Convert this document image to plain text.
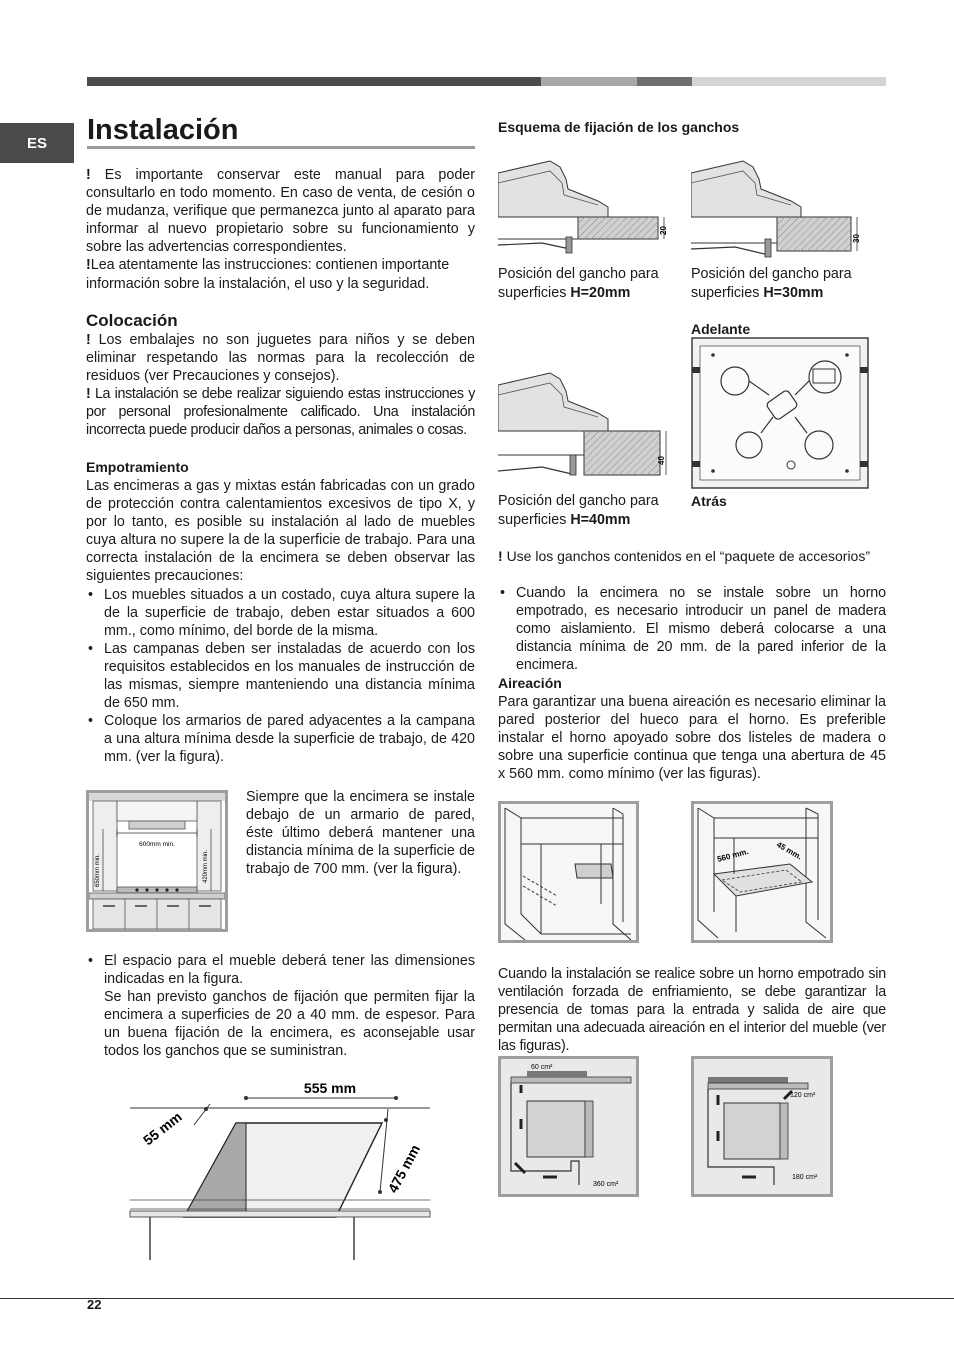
ES	Instalación
! Es importante conservar este manual para poder consultarlo en todo momento. En caso de venta, de cesión o de mudanza, verifique que permanezca junto al aparato para informar al nuevo propietario sobre su funcionamiento y sobre las advertencias correspondientes.
!Lea atentamente las instrucciones: contienen importante información sobre la instalación, el uso y la seguridad.
Colocación
! Los embalajes no son juguetes para niños y se deben eliminar respetando las normas para la recolección de residuos (ver Precauciones y consejos).
! La instalación se debe realizar siguiendo estas instrucciones y por personal profesionalmente calificado. Una instalación incorrecta puede producir daños a personas, animales o cosas.
Empotramiento
Las encimeras a gas y mixtas están fabricadas con un grado de protección contra calentamientos excesivos de tipo X, y por lo tanto, es posible su instalación al lado de muebles cuya altura no supere la de la superficie de trabajo. Para una correcta instalación de la encimera se deben observar las siguientes precauciones:
• Los muebles situados a un costado, cuya altura supere la de la superficie de trabajo, deben estar situados a 600 mm., como mínimo, del borde de la misma.
• Las campanas deben ser instaladas de acuerdo con los requisitos establecidos en los manuales de instrucción de las mismas, siempre manteniendo una distancia mínima de 650 mm.
• Coloque los armarios de pared adyacentes a la campana a una altura mínima desde la superficie de trabajo, de 420 mm. (ver la figura).
600mm min.
650mm min.	420mm min.
Siempre que la encimera se instale debajo de un armario de pared, éste último deberá mantener una distancia mínima de la superficie de trabajo de 700 mm. (ver la figura).
• El espacio para el mueble deberá tener las dimensiones indicadas en la figura.
Se han previsto ganchos de fijación que permiten fijar la encimera a superficies de 20 a 40 mm. de espesor. Para un buena fijación de la encimera, es aconsejable usar todos los ganchos que se suministran.
555 mm
55 mm
475 mm
Esquema de fijación de los ganchos
20
Posición del gancho para superficies H=20mm
30
Posición del gancho para superficies H=30mm
Adelante
Atrás
40
Posición del gancho para superficies H=40mm
! Use los ganchos contenidos en el “paquete de accesorios”
• Cuando la encimera no se instale sobre un horno empotrado, es necesario introducir un panel de madera como aislamiento. El mismo deberá colocarse a una distancia mínima de 20 mm. de la pared inferior de la encimera.
Aireación
Para garantizar una buena aireación es necesario eliminar la pared posterior del hueco para el horno. Es preferible instalar el horno apoyado sobre dos listeles de madera o sobre una superficie continua que tenga una abertura de 45 x 560 mm. como mínimo (ver las figuras).
560 mm.	45 mm.
Cuando la instalación se realice sobre un horno empotrado sin ventilación forzada de enfriamiento, se debe garantizar la presencia de tomas para la entrada y salida de aire que permitan una adecuada aireación en el interior del mueble (ver las figuras).
60 cm²
360 cm²
120 cm²
180 cm²
22
